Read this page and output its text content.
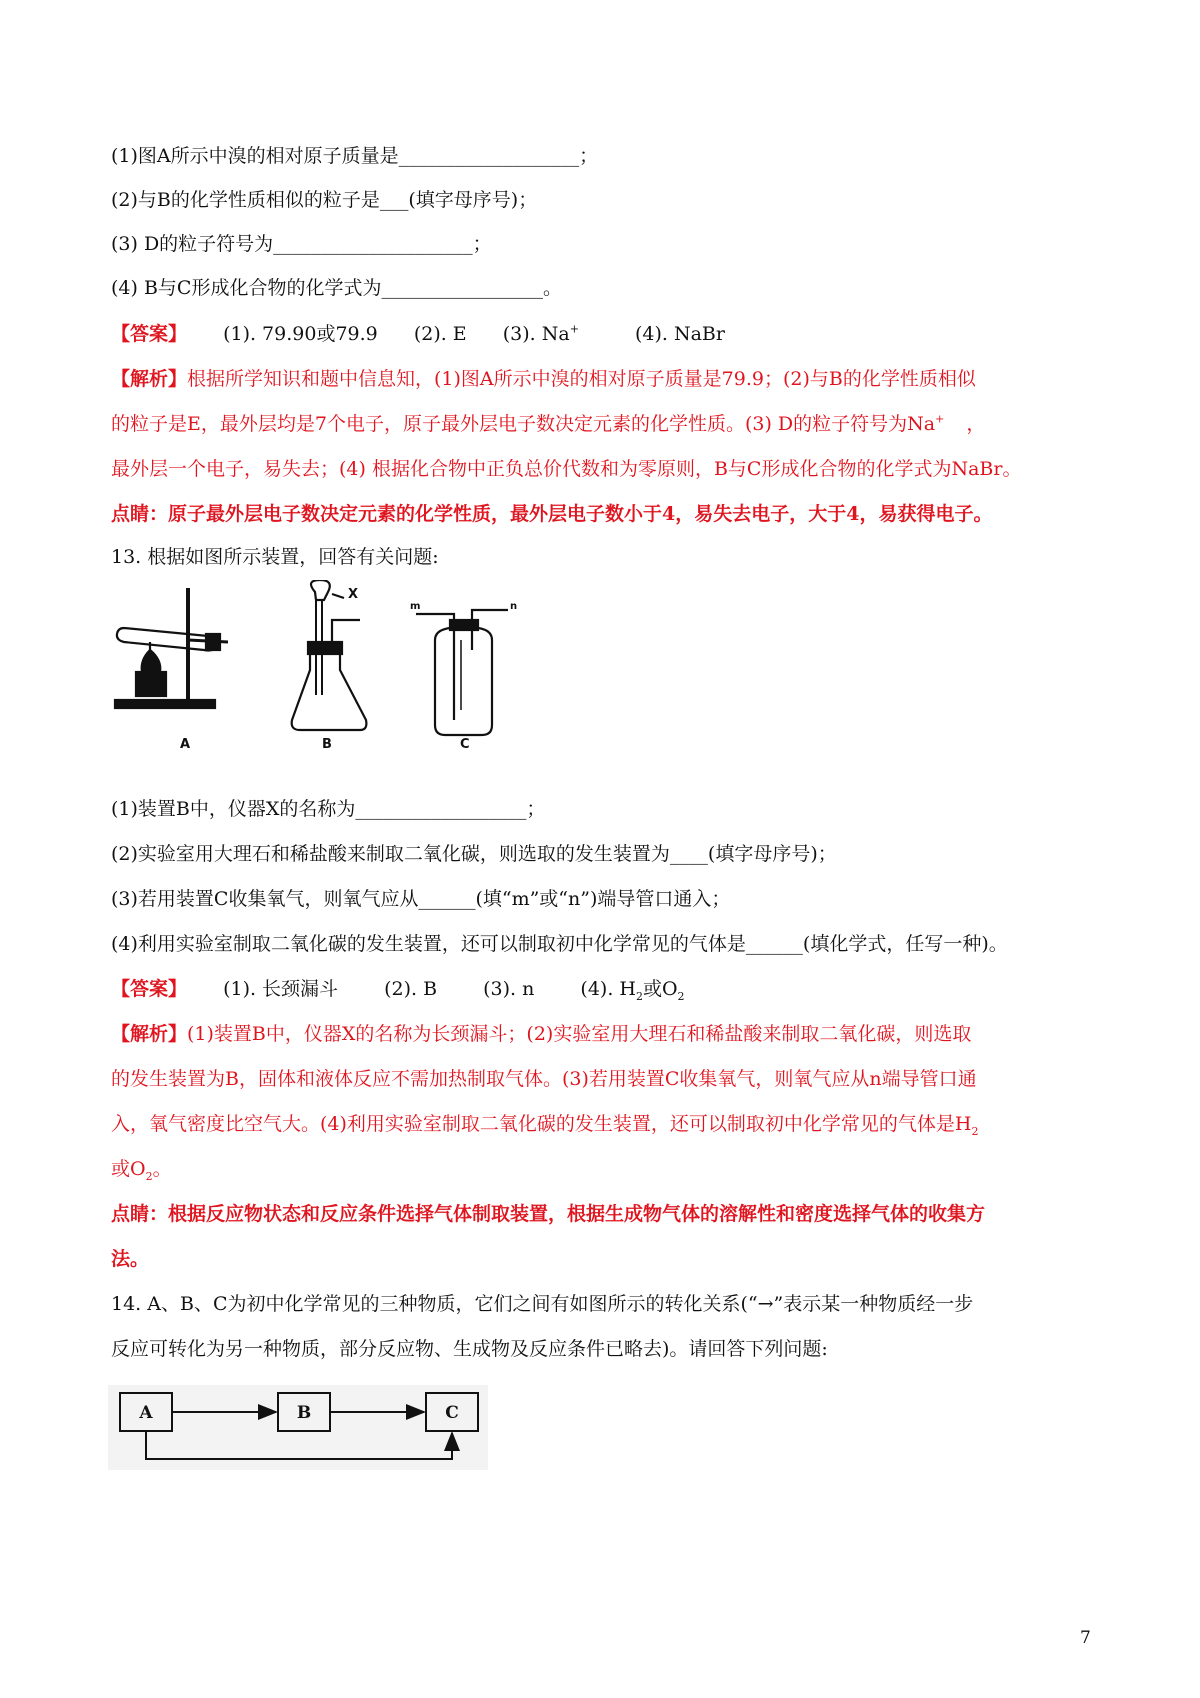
(1)图A所示中溴的相对原子质量是___________________；
(2)与B的化学性质相似的粒子是___(填字母序号)；
(3) D的粒子符号为_____________________；
(4) B与C形成化合物的化学式为_________________。
【答案】 (1). 79.90或79.9 (2). E (3). Na+	(4). NaBr
【解析】根据所学知识和题中信息知，(1)图A所示中溴的相对原子质量是79.9；(2)与B的化学性质相似
的粒子是E，最外层均是7个电子，原子最外层电子数决定元素的化学性质。(3) D的粒子符号为Na+ ，
最外层一个电子，易失去；(4) 根据化合物中正负总价代数和为零原则，B与C形成化合物的化学式为NaBr。
点睛：原子最外层电子数决定元素的化学性质，最外层电子数小于4，易失去电子，大于4，易获得电子。
13. 根据如图所示装置，回答有关问题:
A	B	C
X
m	n
(1)装置B中，仪器X的名称为__________________；
(2)实验室用大理石和稀盐酸来制取二氧化碳，则选取的发生装置为____(填字母序号)；
(3)若用装置C收集氧气，则氧气应从______(填“m”或“n”)端导管口通入；
(4)利用实验室制取二氧化碳的发生装置，还可以制取初中化学常见的气体是______(填化学式，任写一种)。
【答案】 (1). 长颈漏斗 (2). B (3). n (4). $H_2$或$O_2$
【解析】(1)装置B中，仪器X的名称为长颈漏斗；(2)实验室用大理石和稀盐酸来制取二氧化碳，则选取
的发生装置为B，固体和液体反应不需加热制取气体。(3)若用装置C收集氧气，则氧气应从n端导管口通
入，氧气密度比空气大。(4)利用实验室制取二氧化碳的发生装置，还可以制取初中化学常见的气体是$H_2$
或$O_2$。
点睛：根据反应物状态和反应条件选择气体制取装置，根据生成物气体的溶解性和密度选择气体的收集方
法。
14. A、B、C为初中化学常见的三种物质，它们之间有如图所示的转化关系(“→”表示某一种物质经一步
反应可转化为另一种物质，部分反应物、生成物及反应条件已略去)。请回答下列问题:
A	B	C
7
